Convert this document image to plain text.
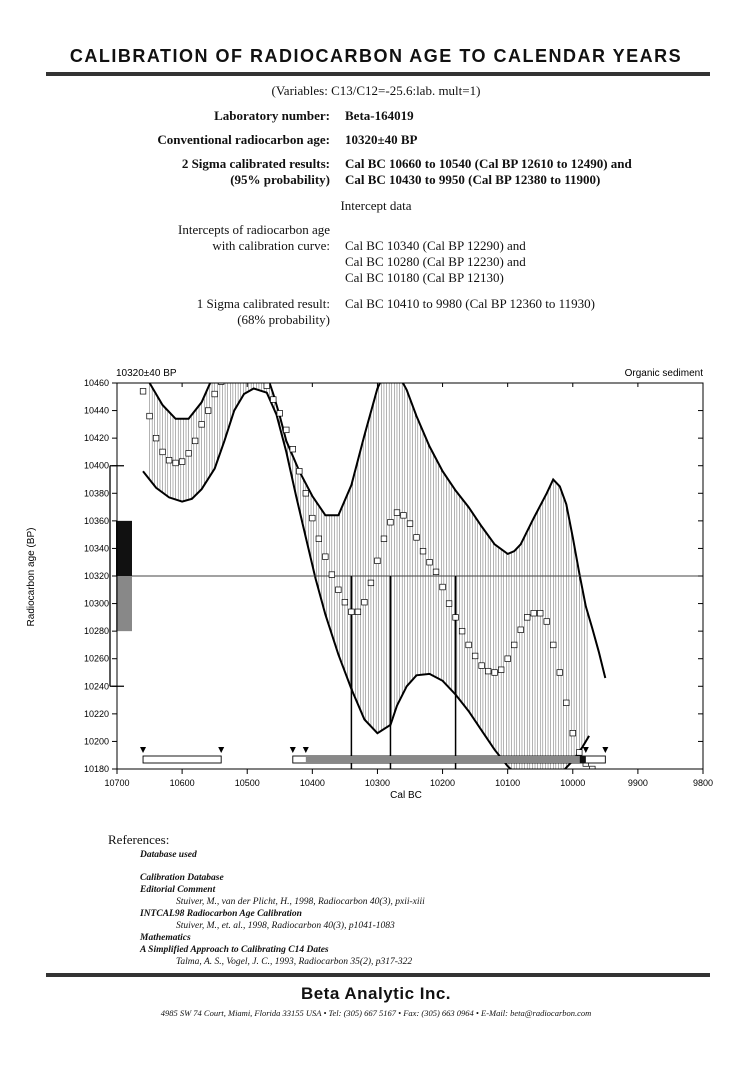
CALIBRATION OF RADIOCARBON AGE TO CALENDAR YEARS
(Variables: C13/C12=-25.6:lab. mult=1)
Laboratory number: Beta-164019
Conventional radiocarbon age: 10320±40 BP
2 Sigma calibrated results:
(95% probability)
Cal BC 10660 to 10540 (Cal BP 12610 to 12490) and
Cal BC 10430 to 9950 (Cal BP 12380 to 11900)
Intercept data
Intercepts of radiocarbon age
with calibration curve: Cal BC 10340 (Cal BP 12290) and
Cal BC 10280 (Cal BP 12230) and
Cal BC 10180 (Cal BP 12130)
1 Sigma calibrated result:
(68% probability)
Cal BC 10410 to 9980 (Cal BP 12360 to 11930)
10320±40 BP	Organic sediment
Cal BC
Radiocarbon age (BP)
10460
10440
10420
10400
10380
10360
10340
10320
10300
10280
10260
10240
10220
10200
10180
10700	10600	10500	10400	10300	10200	10100	10000	9900	9800
References:
Database used
Calibration Database
Editorial Comment
Stuiver, M., van der Plicht, H., 1998, Radiocarbon 40(3), pxii-xiii
INTCAL98 Radiocarbon Age Calibration
Stuiver, M., et. al., 1998, Radiocarbon 40(3), p1041-1083
Mathematics
A Simplified Approach to Calibrating C14 Dates
Talma, A. S., Vogel, J. C., 1993, Radiocarbon 35(2), p317-322
Beta Analytic Inc.
4985 SW 74 Court, Miami, Florida 33155 USA • Tel: (305) 667 5167 • Fax: (305) 663 0964 • E-Mail: beta@radiocarbon.com
